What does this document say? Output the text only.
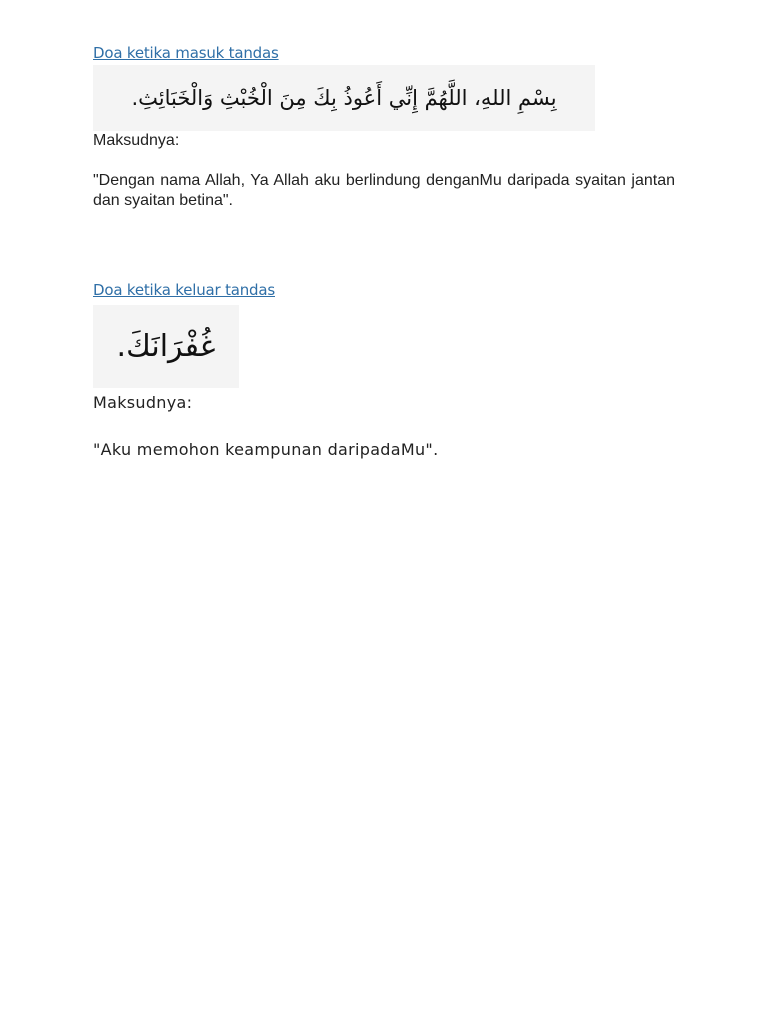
Doa ketika masuk tandas
بِسْمِ اللهِ، اللَّهُمَّ إِنِّي أَعُوذُ بِكَ مِنَ الْخُبْثِ وَالْخَبَائِثِ.
Maksudnya:
"Dengan nama Allah, Ya Allah aku berlindung denganMu daripada syaitan jantan dan syaitan betina".
Doa ketika keluar tandas
غُفْرَانَكَ.
Maksudnya:
"Aku memohon keampunan daripadaMu".
